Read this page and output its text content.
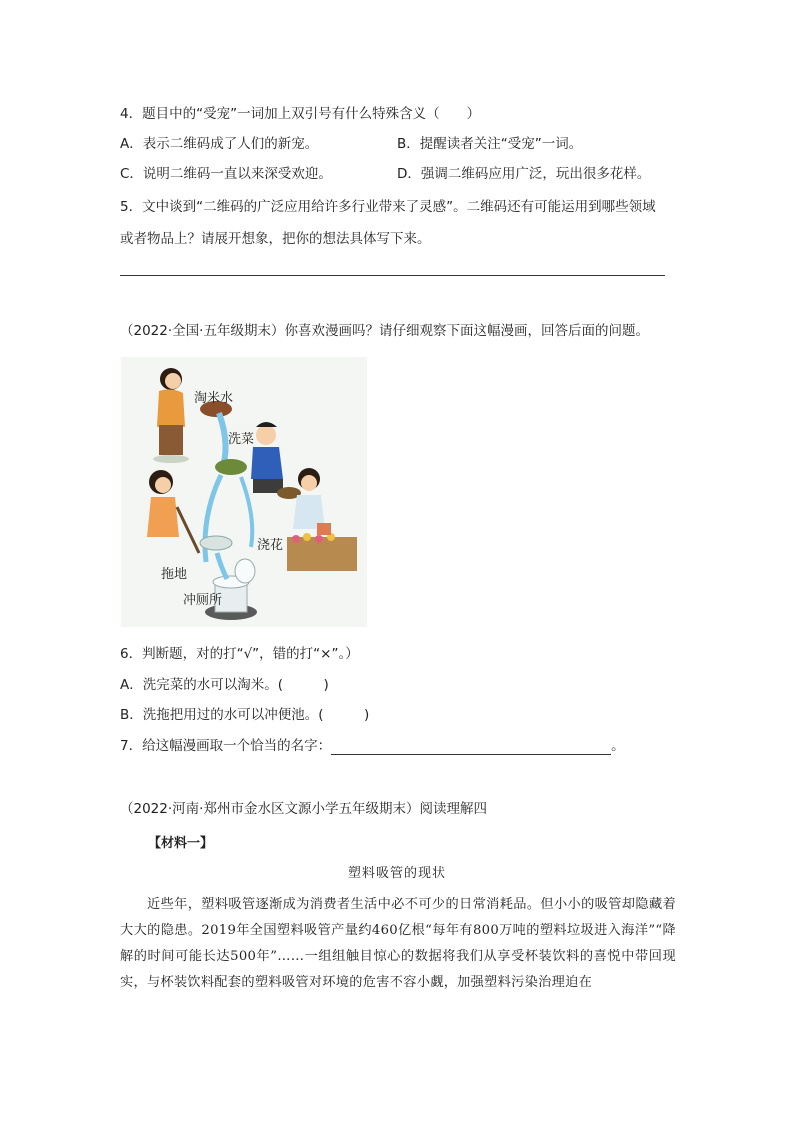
4．题目中的“受宠”一词加上双引号有什么特殊含义（　　）
A．表示二维码成了人们的新宠。	B．提醒读者关注“受宠”一词。
C．说明二维码一直以来深受欢迎。	D．强调二维码应用广泛，玩出很多花样。
5．文中谈到“二维码的广泛应用给许多行业带来了灵感”。二维码还有可能运用到哪些领域
或者物品上？请展开想象，把你的想法具体写下来。
（2022·全国·五年级期末）你喜欢漫画吗？请仔细观察下面这幅漫画，回答后面的问题。
淘米水
洗菜
拖地
浇花
冲厕所
6．判断题，对的打“√”，错的打“×”。）
A．洗完菜的水可以淘米。(　　　)
B．洗拖把用过的水可以冲便池。(　　　)
7．给这幅漫画取一个恰当的名字：	。
（2022·河南·郑州市金水区文源小学五年级期末）阅读理解四
【材料一】
塑料吸管的现状
近些年，塑料吸管逐渐成为消费者生活中必不可少的日常消耗品。但小小的吸管却隐藏着大大的隐患。2019年全国塑料吸管产量约460亿根“每年有800万吨的塑料垃圾进入海洋”“降解的时间可能长达500年”……一组组触目惊心的数据将我们从享受杯装饮料的喜悦中带回现实，与杯装饮料配套的塑料吸管对环境的危害不容小觑，加强塑料污染治理迫在
